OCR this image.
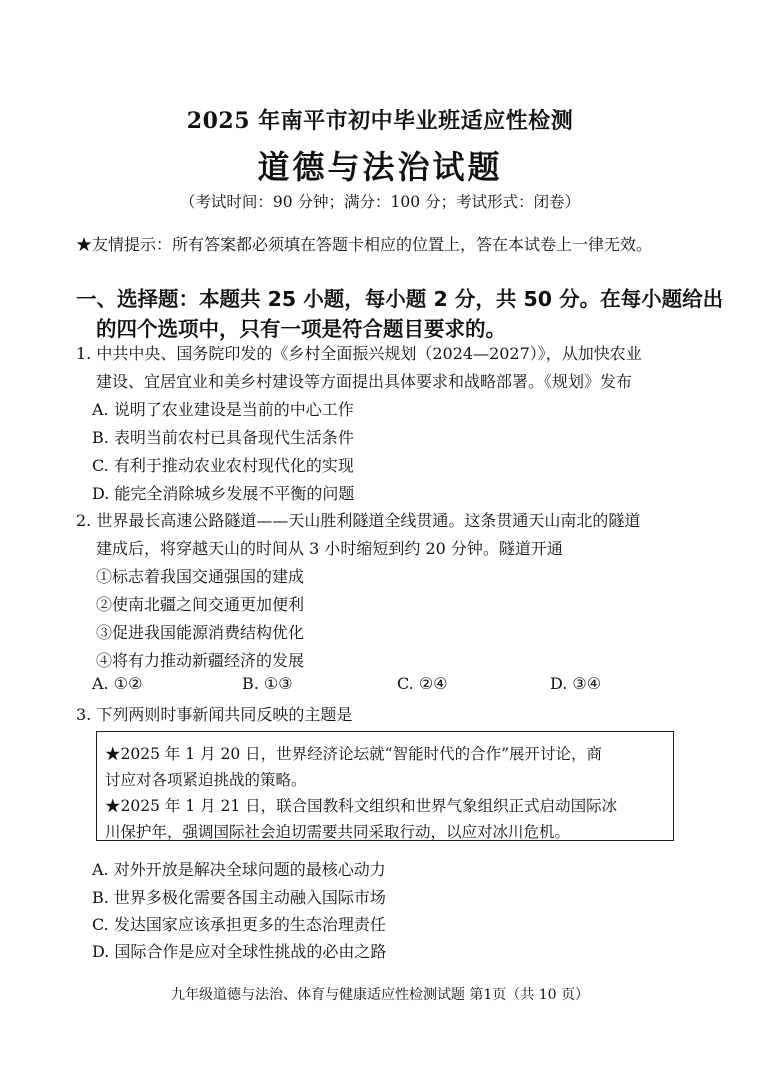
2025 年南平市初中毕业班适应性检测
道德与法治试题
（考试时间：90 分钟；满分：100 分；考试形式：闭卷）
★友情提示：所有答案都必须填在答题卡相应的位置上，答在本试卷上一律无效。
一、选择题：本题共 25 小题，每小题 2 分，共 50 分。在每小题给出
的四个选项中，只有一项是符合题目要求的。
1. 中共中央、国务院印发的《乡村全面振兴规划（2024—2027）》，从加快农业
建设、宜居宜业和美乡村建设等方面提出具体要求和战略部署。《规划》发布
A. 说明了农业建设是当前的中心工作
B. 表明当前农村已具备现代生活条件
C. 有利于推动农业农村现代化的实现
D. 能完全消除城乡发展不平衡的问题
2. 世界最长高速公路隧道——天山胜利隧道全线贯通。这条贯通天山南北的隧道
建成后，将穿越天山的时间从 3 小时缩短到约 20 分钟。隧道开通
①标志着我国交通强国的建成
②使南北疆之间交通更加便利
③促进我国能源消费结构优化
④将有力推动新疆经济的发展
A. ①②	B. ①③	C. ②④	D. ③④
3. 下列两则时事新闻共同反映的主题是
★2025 年 1 月 20 日，世界经济论坛就“智能时代的合作”展开讨论，商
讨应对各项紧迫挑战的策略。
★2025 年 1 月 21 日，联合国教科文组织和世界气象组织正式启动国际冰
川保护年，强调国际社会迫切需要共同采取行动，以应对冰川危机。
A. 对外开放是解决全球问题的最核心动力
B. 世界多极化需要各国主动融入国际市场
C. 发达国家应该承担更多的生态治理责任
D. 国际合作是应对全球性挑战的必由之路
九年级道德与法治、体育与健康适应性检测试题 第1页（共 10 页）
